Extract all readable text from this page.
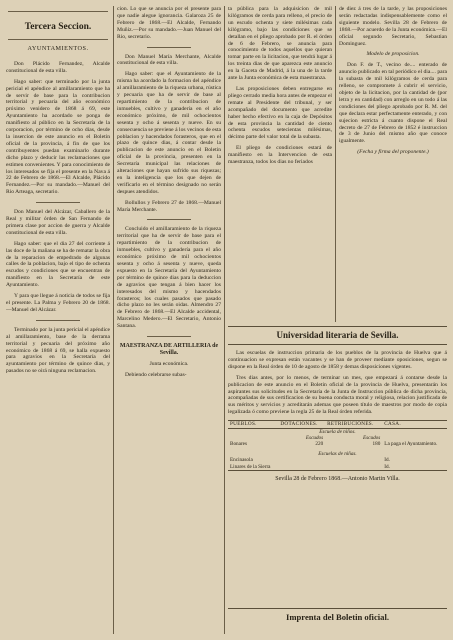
Tercera Seccion.
AYUNTAMIENTOS.

Don Plácido Fernandez, Alcalde constitucional de esta villa.

Hago saber: que terminado por la junta pericial el apéndice al amillaramiento que ha de servir de base para la contribucion territorial y pecuaria del año económico próximo venidero de 1868 á 69, este Ayuntamiento ha acordado se ponga de manifiesto al público en la Secretaría de la corporacion, por término de ocho dias, desde la insercion de este anuncio en el Boletin oficial de la provincia, á fin de que los contribuyentes puedan examinarlo durante dicho plazo y deducir las reclamaciones que estimen convenientes. Y para conocimiento de los interesados se fija el presente en la Nava á 22 de Febrero de 1868.—El Alcalde, Plácido Fernandez.—Por su mandado.—Manuel del Rio Arteaga, secretario.

Don Manuel del Alcázar, Caballero de la Real y militar órden de San Fernando de primera clase por accion de guerra y Alcalde constitucional de esta villa.

Hago saber: que el dia 27 del corriente á las doce de la mañana se ha de rematar la obra de la reparacion de empedrado de algunas calles de la poblacion, bajo el tipo de ochenta escudos y condiciones que se encuentran de manifiesto en la Secretaría de este Ayuntamiento.

Y para que llegue á noticia de todos se fija el presente. La Palma y Febrero 20 de 1868.—Manuel del Alcázar.

Terminado por la junta pericial el apéndice al amillaramiento, base de la derrama territorial y pecuaria del próximo año económico de 1868 á 69, se halla expuesto para agravios en la Secretaría del ayuntamiento por término de quince dias, y pasados no se oirá ninguna reclamacion.

cion. Lo que se anuncia por el presente para que nadie alegue ignorancia. Galaroza 25 de Febrero de 1868.—El Alcalde, Fernando Muñiz.—Por su mandado.—Juan Manuel del Rio, secretario.

Don Manuel María Merchante, Alcalde constitucional de esta villa.

Hago saber: que el Ayuntamiento de la misma ha acordado la formacion del apéndice al amillaramiento de la riqueza urbana, rústica y pecuaria que ha de servir de base al repartimiento de la contribucion de inmuebles, cultivo y ganadería en el año económico próximo, de mil ochocientos sesenta y ocho á sesenta y nueve. En su consecuencia se previene á los vecinos de esta poblacion y hacendados forasteros, que en el plazo de quince dias, á contar desde la publicacion de este anuncio en el Boletin oficial de la provincia, presenten en la Secretaría municipal las relaciones de alteraciones que hayan sufrido sus riquezas; en la inteligencia que los que dejen de verificarlo en el término designado no serán despues atendidos.

Bollullos y Febrero 27 de 1868.—Manuel María Merchante.

Concluido el amillaramiento de la riqueza territorial que ha de servir de base para el repartimiento de la contribucion de inmuebles, cultivo y ganadería para el año económico próximo de mil ochocientos sesenta y ocho á sesenta y nueve, queda expuesto en la Secretaría del Ayuntamiento por término de quince dias para la deduccion de agravios que tengan á bien hacer los interesados del mismo y hacendados forasteros; los cuales pasados que pasado dicho plazo no les serán oidas. Almendro 27 de Febrero de 1868.—El Alcalde accidental, Marcelino Medero.—El Secretario, Antonio Santana.

MAESTRANZA DE ARTILLERIA de Sevilla.

Junta económica.

Debiendo celebrarse subas-

ta pública para la adquisicion de mil kilógramos de cerda para relleno, el precio de un escudo ochenta y siete milésimas cada kilógramo, bajo las condiciones que se detallan en el pliego aprobado por R. el órden de 6 de Febrero, se anuncia para conocimiento de todos aquellos que quieran tomar parte en la licitacion, que tendrá lugar á los treinta dias de que aparezca este anuncio en la Gaceta de Madrid, á la una de la tarde ante la Junta económica de esta maestranza.

Las proposiciones deben entregarse en pliego cerrado media hora antes de empezar el remate al Presidente del tribunal, y ser acompañado del documento que acredite haber hecho efectivo en la caja de Depósitos de esta provincia la cantidad de ciento ochenta escudos setecientas milésimas, décimo parte del valor total de la subasta.

El pliego de condiciones estará de manifiesto en la Intervencion de esta maestranza, todos los dias no feriados

de diez á tres de la tarde, y las proposiciones serán redactadas indispensablemente como el siguiente modelo. Sevilla 28 de Febrero de 1868.—Por acuerdo de la Junta económica.—El oficial segundo Secretario, Sebastian Dominguez.

Modelo de proposicion.

Don F. de T., vecino de.... enterado de anuncio publicado en tal periódico el dia.... para la subasta de mil kilógramos de cerda para relleno, se compromete á cubrir el servicio, objeto de la licitacion, por la cantidad de (por letra y en cantidad) con arreglo en un todo á las condiciones del pliego aprobado por R. M. del que declara estar perfectamente enterado, y con sujecion estricta á cuanto dispone el Real decreto de 27 de Febrero de 1852 é instruccion de 3 de Junio del mismo año que conoce igualmente.

(Fecha y firma del proponente.)

Universidad literaria de Sevilla.

Las escuelas de instruccion primaria de los pueblos de la provincia de Huelva que á continuacion se expresan están vacantes y se han de proveer mediante oposiciones, segun se dispone en la Real órden de 10 de agosto de 1858 y demas disposiciones vigentes.

Tres dias antes, por lo menos, de terminar un mes, que empezará á contarse desde la publicacion de este anuncio en el Boletin oficial de la provincia de Huelva, presentarán los aspirantes sus solicitudes en la Secretaría de la Junta de Instruccion pública de dicha provincia, acompañadas de sus certificacion de su buena conducta moral y religiosa, relacion justificada de sus méritos y servicios y acreditarán ademas que poseen título de maestros por modo de copia legalizada ó como previene la regla 25 de la Real órden referida.

PUEBLOS.	DOTACIONES.	RETRIBUCIONES.	CASA.
Escuela de niños.			
	Escudos	Escudos	
Bonares	220	180	La paga el Ayuntamiento.
Escuelas de niñas.			
Encinasola			Id.
Linares de la Sierra			Id.

Sevilla 28 de Febrero 1868.—Antonio Martin Villa.

Imprenta del Boletin oficial.
